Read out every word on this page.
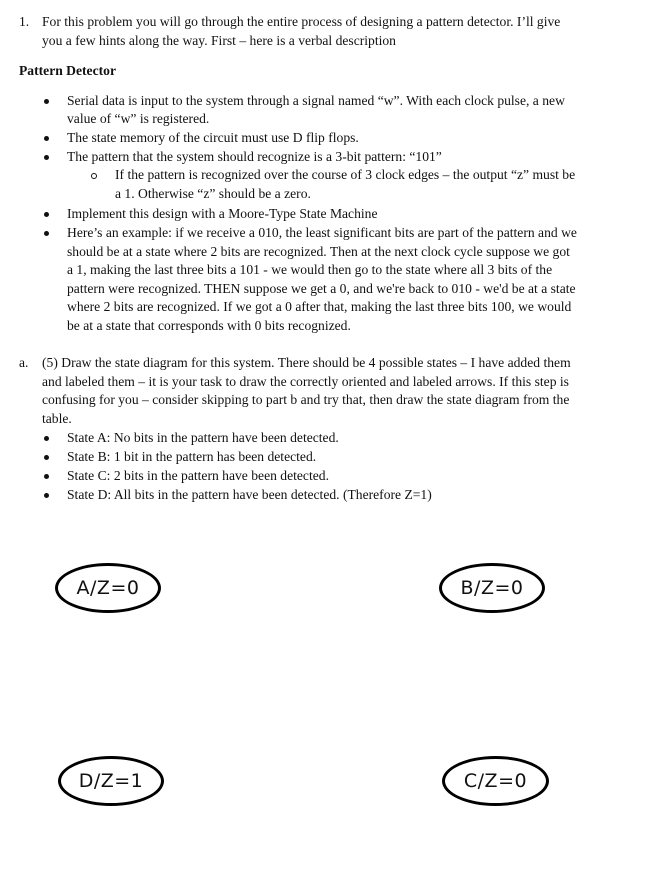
1. For this problem you will go through the entire process of designing a pattern detector. I’ll give
you a few hints along the way. First – here is a verbal description
Pattern Detector
Serial data is input to the system through a signal named “w”. With each clock pulse, a new
value of “w” is registered.
The state memory of the circuit must use D flip flops.
The pattern that the system should recognize is a 3-bit pattern: “101”
If the pattern is recognized over the course of 3 clock edges – the output “z” must be
a 1. Otherwise “z” should be a zero.
Implement this design with a Moore-Type State Machine
Here’s an example: if we receive a 010, the least significant bits are part of the pattern and we
should be at a state where 2 bits are recognized. Then at the next clock cycle suppose we got
a 1, making the last three bits a 101 - we would then go to the state where all 3 bits of the
pattern were recognized. THEN suppose we get a 0, and we're back to 010 - we'd be at a state
where 2 bits are recognized. If we got a 0 after that, making the last three bits 100, we would
be at a state that corresponds with 0 bits recognized.
a. (5) Draw the state diagram for this system. There should be 4 possible states – I have added them
and labeled them – it is your task to draw the correctly oriented and labeled arrows. If this step is
confusing for you – consider skipping to part b and try that, then draw the state diagram from the
table.
State A: No bits in the pattern have been detected.
State B: 1 bit in the pattern has been detected.
State C: 2 bits in the pattern have been detected.
State D: All bits in the pattern have been detected. (Therefore Z=1)
A/Z=0	B/Z=0
D/Z=1	C/Z=0
